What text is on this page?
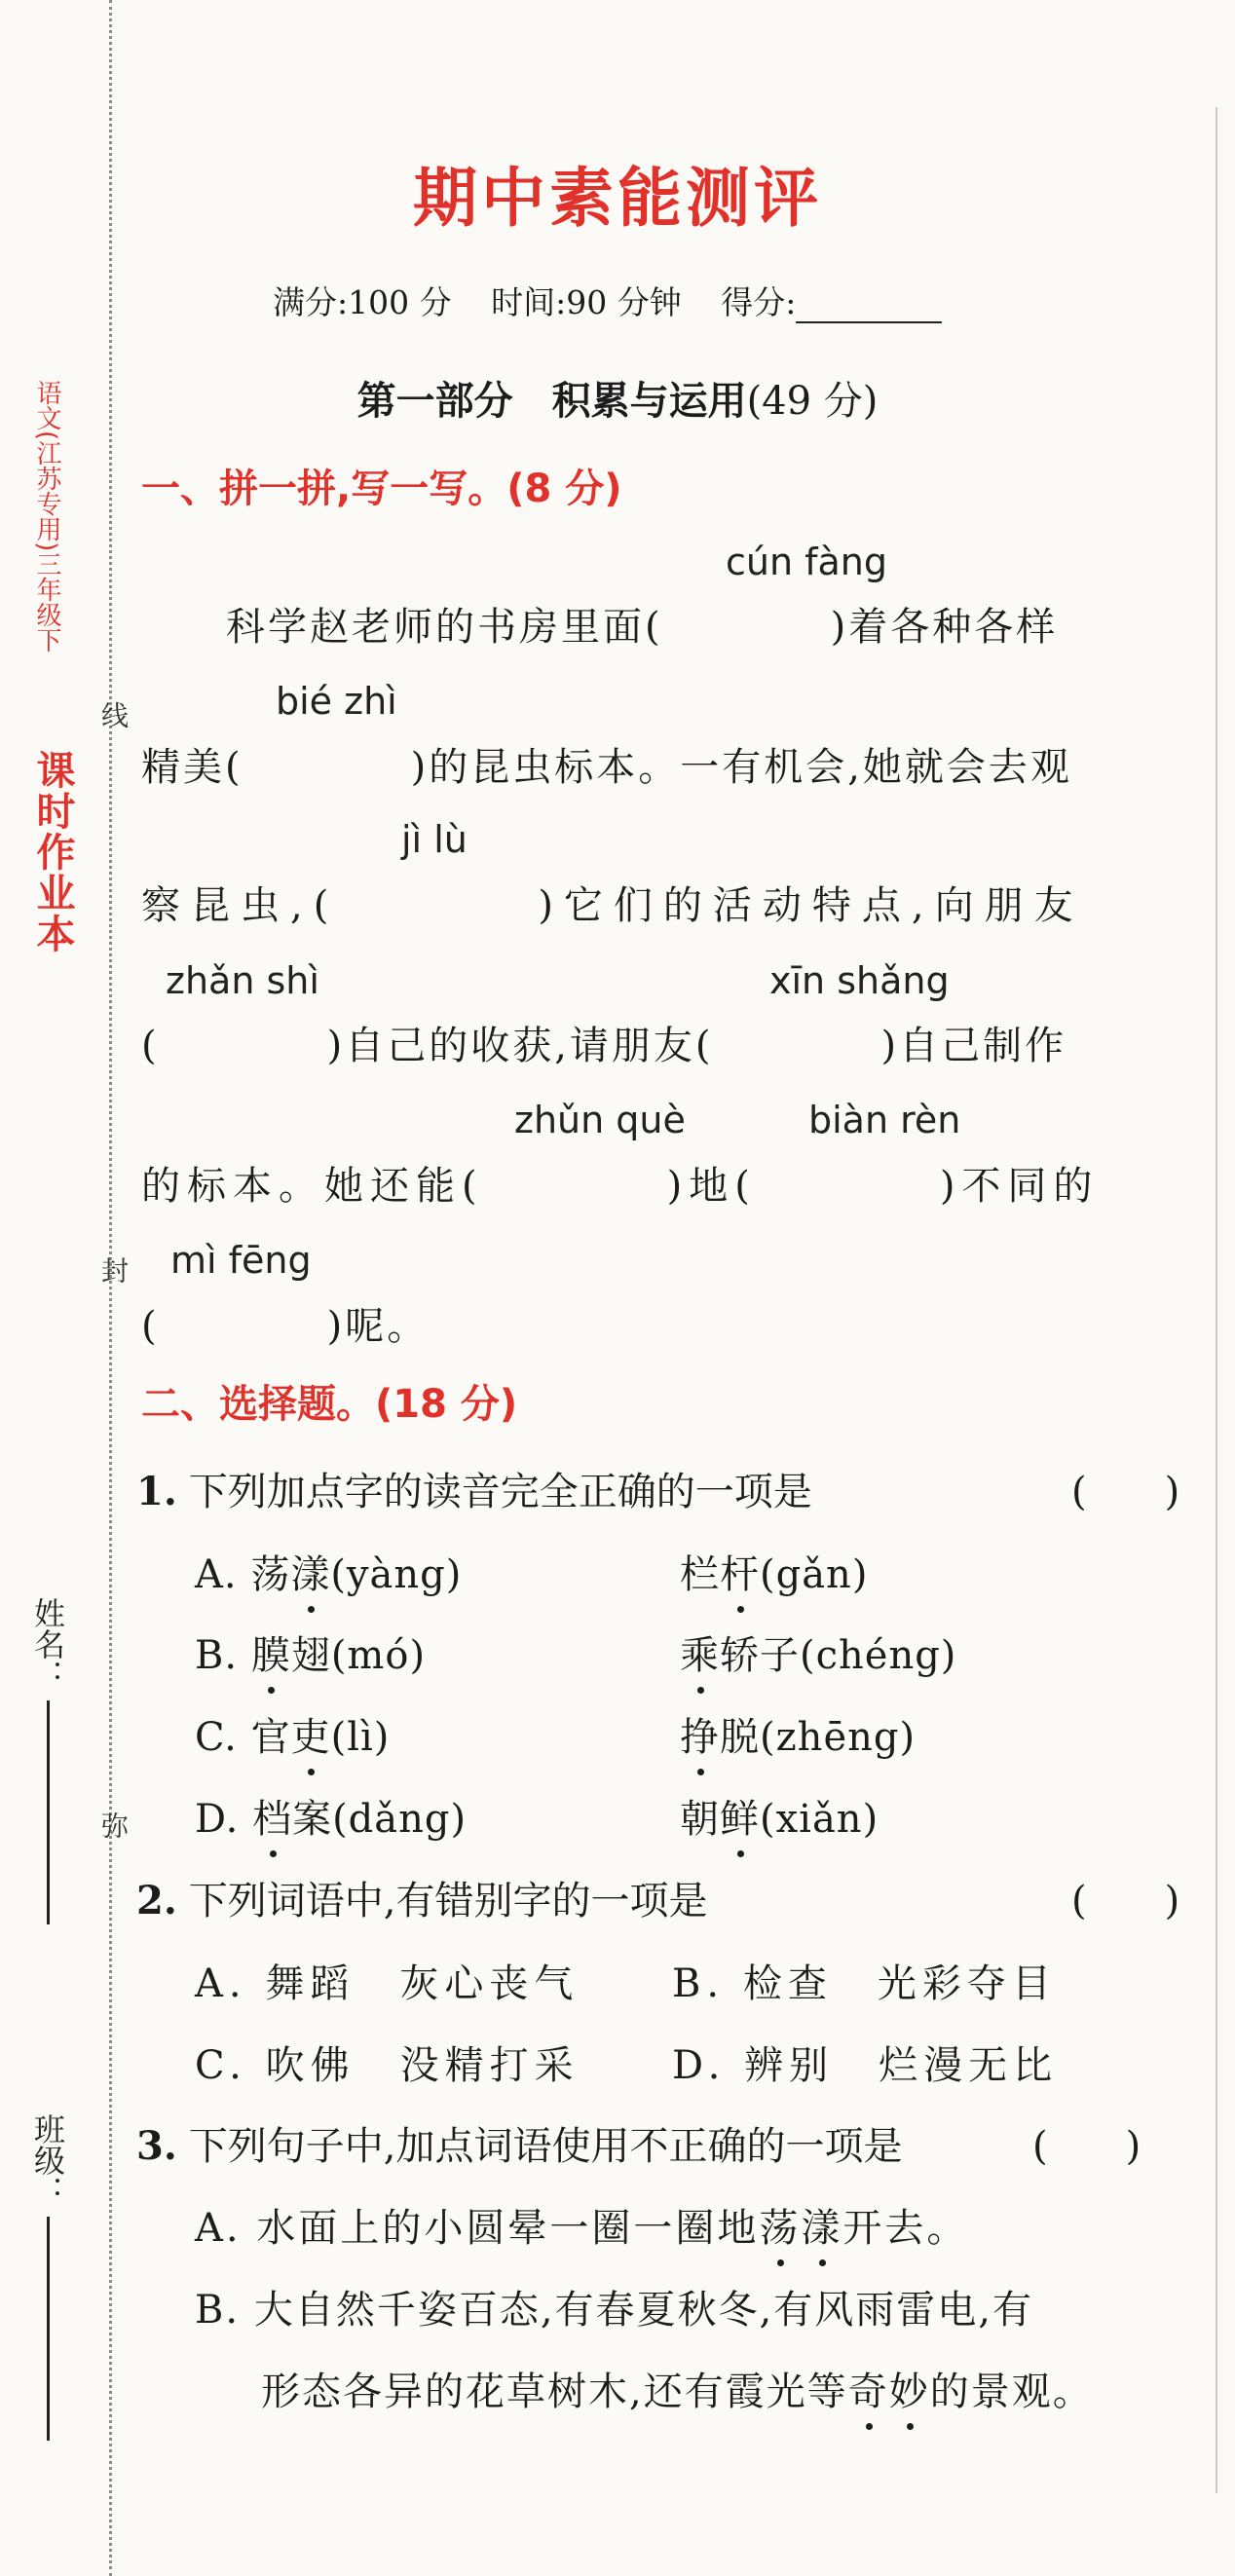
课时作业本
语文(江苏专用)三年级下
线
封
弥
姓名：
班级：
期中素能测评
满分:100 分 时间:90 分钟 得分:
第一部分　积累与运用(49 分)
一、拼一拼,写一写。(8 分)
cún fàng
科学赵老师的书房里面(　　　　)着各种各样
bié zhì
精美(　　　　)的昆虫标本。一有机会,她就会去观
jì lù
察昆虫,(　　　　)它们的活动特点,向朋友
zhǎn shì	xīn shǎng
(　　　　)自己的收获,请朋友(　　　　)自己制作
zhǔn què	biàn rèn
的标本。她还能(　　　　)地(　　　　)不同的
mì fēng
(　　　　)呢。
二、选择题。(18 分)
1. 下列加点字的读音完全正确的一项是	(　　)
A. 荡漾(yàng)	栏杆(gǎn)
B. 膜翅(mó)	乘轿子(chéng)
C. 官吏(lì)	挣脱(zhēng)
D. 档案(dǎng)	朝鲜(xiǎn)
2. 下列词语中,有错别字的一项是	(　　)
A. 舞蹈　灰心丧气 B. 检查　光彩夺目
C. 吹佛　没精打采 D. 辨别　烂漫无比
3. 下列句子中,加点词语使用不正确的一项是	(　　)
A. 水面上的小圆晕一圈一圈地荡漾开去。
B. 大自然千姿百态,有春夏秋冬,有风雨雷电,有
形态各异的花草树木,还有霞光等奇妙的景观。
